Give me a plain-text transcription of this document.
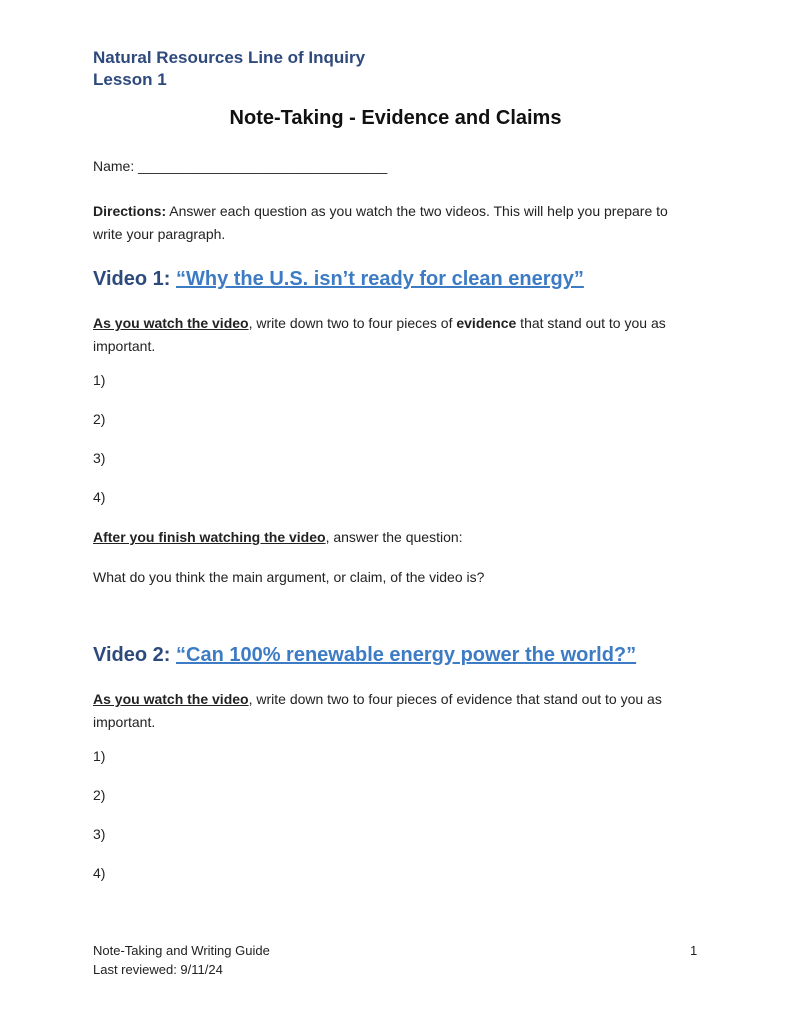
Natural Resources Line of Inquiry
Lesson 1
Note-Taking - Evidence and Claims
Name: ________________________________
Directions: Answer each question as you watch the two videos. This will help you prepare to write your paragraph.
Video 1: “Why the U.S. isn’t ready for clean energy”
As you watch the video, write down two to four pieces of evidence that stand out to you as important.
1)
2)
3)
4)
After you finish watching the video, answer the question:
What do you think the main argument, or claim, of the video is?
Video 2: “Can 100% renewable energy power the world?”
As you watch the video, write down two to four pieces of evidence that stand out to you as important.
1)
2)
3)
4)
Note-Taking and Writing Guide
Last reviewed: 9/11/24
1
